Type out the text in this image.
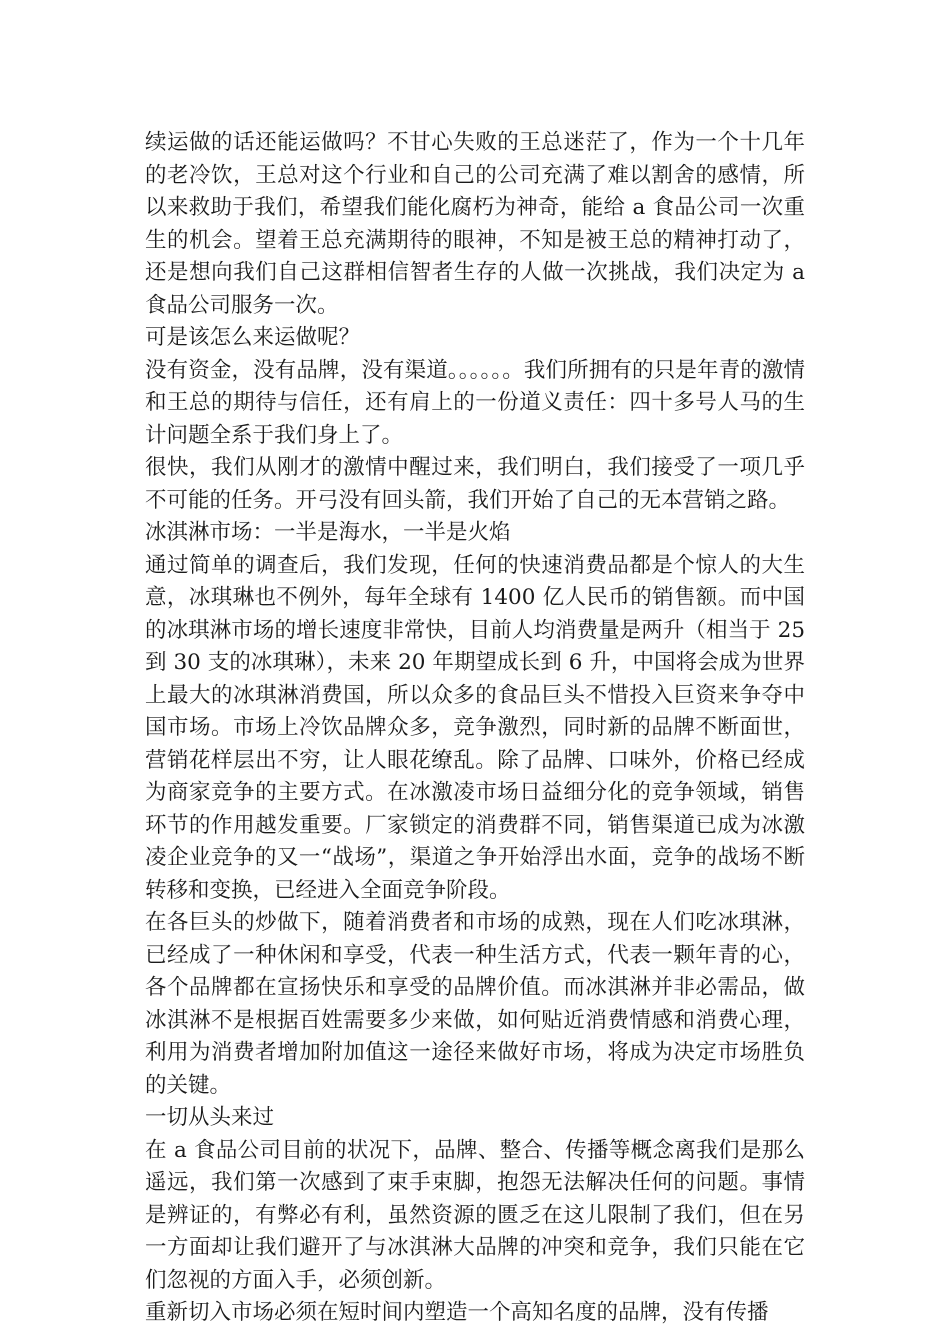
续运做的话还能运做吗？不甘心失败的王总迷茫了，作为一个十几年的老冷饮，王总对这个行业和自己的公司充满了难以割舍的感情，所以来救助于我们，希望我们能化腐朽为神奇，能给 a 食品公司一次重生的机会。望着王总充满期待的眼神，不知是被王总的精神打动了，还是想向我们自己这群相信智者生存的人做一次挑战，我们决定为 a 食品公司服务一次。

可是该怎么来运做呢？

没有资金，没有品牌，没有渠道。。。。。。我们所拥有的只是年青的激情和王总的期待与信任，还有肩上的一份道义责任：四十多号人马的生计问题全系于我们身上了。

很快，我们从刚才的激情中醒过来，我们明白，我们接受了一项几乎不可能的任务。开弓没有回头箭，我们开始了自己的无本营销之路。

冰淇淋市场：一半是海水，一半是火焰

通过简单的调查后，我们发现，任何的快速消费品都是个惊人的大生意，冰琪琳也不例外，每年全球有 1400 亿人民币的销售额。而中国的冰琪淋市场的增长速度非常快，目前人均消费量是两升（相当于 25 到 30 支的冰琪琳），未来 20 年期望成长到 6 升，中国将会成为世界上最大的冰琪淋消费国，所以众多的食品巨头不惜投入巨资来争夺中国市场。市场上冷饮品牌众多，竞争激烈，同时新的品牌不断面世，营销花样层出不穷，让人眼花缭乱。除了品牌、口味外，价格已经成为商家竞争的主要方式。在冰激凌市场日益细分化的竞争领域，销售环节的作用越发重要。厂家锁定的消费群不同，销售渠道已成为冰激凌企业竞争的又一“战场”，渠道之争开始浮出水面，竞争的战场不断转移和变换，已经进入全面竞争阶段。

在各巨头的炒做下，随着消费者和市场的成熟，现在人们吃冰琪淋，已经成了一种休闲和享受，代表一种生活方式，代表一颗年青的心，各个品牌都在宣扬快乐和享受的品牌价值。而冰淇淋并非必需品，做冰淇淋不是根据百姓需要多少来做，如何贴近消费情感和消费心理，利用为消费者增加附加值这一途径来做好市场，将成为决定市场胜负的关键。

一切从头来过

在 a 食品公司目前的状况下，品牌、整合、传播等概念离我们是那么遥远，我们第一次感到了束手束脚，抱怨无法解决任何的问题。事情是辨证的，有弊必有利，虽然资源的匮乏在这儿限制了我们，但在另一方面却让我们避开了与冰淇淋大品牌的冲突和竞争，我们只能在它们忽视的方面入手，必须创新。

重新切入市场必须在短时间内塑造一个高知名度的品牌，没有传播
